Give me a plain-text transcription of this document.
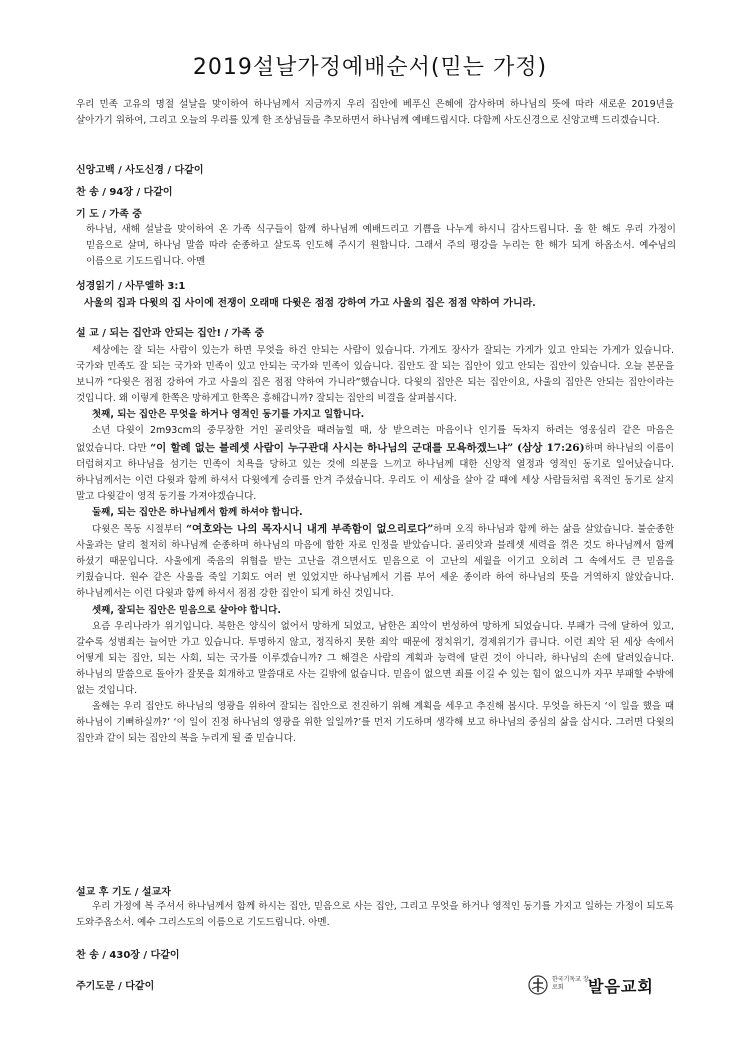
2019설날가정예배순서(믿는 가정)

우리 민족 고유의 명절 설날을 맞이하여 하나님께서 지금까지 우리 집안에 베푸신 은혜에 감사하며 하나님의 뜻에 따라 새로운 2019년을 살아가기 위하여, 그리고 오늘의 우리를 있게 한 조상님들을 추모하면서 하나님께 예배드립시다. 다함께 사도신경으로 신앙고백 드리겠습니다.

신앙고백 / 사도신경 / 다같이
찬 송 / 94장 / 다같이
기 도 / 가족 중

하나님, 새해 설날을 맞이하여 온 가족 식구들이 함께 하나님께 예배드리고 기쁨을 나누게 하시니 감사드립니다. 올 한 해도 우리 가정이 믿음으로 살며, 하나님 말씀 따라 순종하고 살도록 인도해 주시기 원합니다. 그래서 주의 평강을 누리는 한 해가 되게 하옵소서. 예수님의 이름으로 기도드립니다. 아멘

성경읽기 / 사무엘하 3:1
사울의 집과 다윗의 집 사이에 전쟁이 오래매 다윗은 점점 강하여 가고 사울의 집은 점점 약하여 가니라.
설 교 / 되는 집안과 안되는 집안! / 가족 중

세상에는 잘 되는 사람이 있는가 하면 무엇을 하건 안되는 사람이 있습니다. 가게도 장사가 잘되는 가게가 있고 안되는 가게가 있습니다. 국가와 민족도 잘 되는 국가와 민족이 있고 안되는 국가와 민족이 있습니다. 집안도 잘 되는 집안이 있고 안되는 집안이 있습니다. 오늘 본문을 보니까 “다윗은 점점 강하여 가고 사울의 집은 점점 약하여 가니라”했습니다. 다윗의 집안은 되는 집안이요, 사울의 집안은 안되는 집안이라는 것입니다. 왜 이렇게 한쪽은 망하게고 한쪽은 흥해갑니까? 잘되는 집안의 비결을 살펴봅시다.

첫째, 되는 집안은 무엇을 하거나 영적인 동기를 가지고 일합니다.

소년 다윗이 2m93cm의 중무장한 거인 골리앗을 때려눕힐 때, 상 받으려는 마음이나 인기를 독차지 하려는 영웅심리 같은 마음은 없었습니다. 다만 “이 할례 없는 블레셋 사람이 누구관대 사시는 하나님의 군대를 모욕하겠느냐” (삼상 17:26)하며 하나님의 이름이 더럽혀지고 하나님을 섬기는 민족이 치욕을 당하고 있는 것에 의분을 느끼고 하나님께 대한 신앙적 열정과 영적인 동기로 일어났습니다. 하나님께서는 이런 다윗과 함께 하셔서 다윗에게 승리를 안겨 주셨습니다. 우리도 이 세상을 살아 갈 때에 세상 사람들처럼 육적인 동기로 살지 말고 다윗같이 영적 동기를 가져야겠습니다.

둘째, 되는 집안은 하나님께서 함께 하셔야 합니다.

다윗은 목동 시절부터 “여호와는 나의 목자시니 내게 부족함이 없으리로다”하며 오직 하나님과 함께 하는 삶을 살았습니다. 불순종한 사울과는 달리 철저히 하나님께 순종하며 하나님의 마음에 합한 자로 인정을 받았습니다. 골리앗과 블레셋 세력을 꺾은 것도 하나님께서 함께 하셨기 때문입니다. 사울에게 죽음의 위협을 받는 고난을 겪으면서도 믿음으로 이 고난의 세월을 이기고 오히려 그 속에서도 큰 믿음을 키웠습니다. 원수 같은 사울을 죽일 기회도 여러 번 있었지만 하나님께서 기름 부어 세운 종이라 하여 하나님의 뜻을 거역하지 않았습니다. 하나님께서는 이런 다윗과 함께 하셔서 점점 강한 집안이 되게 하신 것입니다.

셋째, 잘되는 집안은 믿음으로 살아야 합니다.

요즘 우리나라가 위기입니다. 북한은 양식이 없어서 망하게 되었고, 남한은 죄악이 번성하여 망하게 되었습니다. 부패가 극에 달하여 있고, 갈수록 성범죄는 늘어만 가고 있습니다. 투명하지 않고, 정직하지 못한 죄악 때문에 정치위기, 경제위기가 큽니다. 이런 죄악 된 세상 속에서 어떻게 되는 집안, 되는 사회, 되는 국가를 이루겠습니까? 그 해결은 사람의 계획과 능력에 달린 것이 아니라, 하나님의 손에 달려있습니다. 하나님의 말씀으로 돌아가 잘못을 회개하고 말씀대로 사는 길밖에 없습니다. 믿음이 없으면 죄를 이길 수 있는 힘이 없으니까 자꾸 부패할 수밖에 없는 것입니다.

올해는 우리 집안도 하나님의 영광을 위하여 잘되는 집안으로 전진하기 위해 계획을 세우고 추진해 봅시다. 무엇을 하든지 ‘이 일을 했을 때 하나님이 기뻐하실까?’ ‘이 일이 진정 하나님의 영광을 위한 일일까?’를 먼저 기도하며 생각해 보고 하나님의 중심의 삶을 삽시다. 그러면 다윗의 집안과 같이 되는 집안의 복을 누리게 될 줄 믿습니다.

설교 후 기도 / 설교자

우리 가정에 복 주셔서 하나님께서 함께 하시는 집안, 믿음으로 사는 집안, 그리고 무엇을 하거나 영적인 동기를 가지고 일하는 가정이 되도록 도와주옵소서. 예수 그리스도의 이름으로 기도드립니다. 아멘.

찬 송 / 430장 / 다같이
주기도문 / 다같이
한국기독교 장로회	발음교회
